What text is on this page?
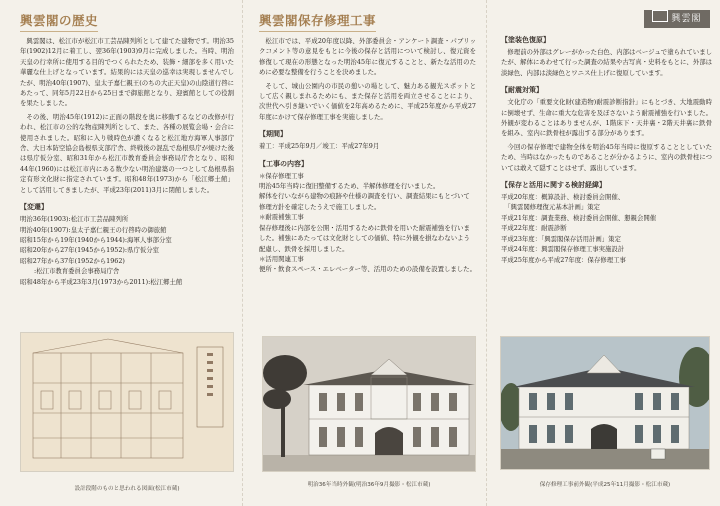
興雲閣の歴史

興雲閣は、松江市が松江市工芸品陳列所として建てた建物です。明治35年(1902)12月に着工し、翌36年(1903)9月に完成しました。当時、明治天皇の行幸所に使用する目的でつくられたため、装飾・細部を多く用いた華麗な仕上げとなっています。結果的には天皇の巡幸は実現しませんでしたが、明治40年(1907)、皇太子嘉仁親王(のちの大正天皇)の山陰道行啓にあたって、同年5月22日から25日まで御旅館となり、迎賓館としての役割を果たしました。

その後、明治45年(1912)に正面の階段を奥に移動するなどの改修が行われ、松江市の公的な物産陳列所として、また、各種の展覧会場・会合に使用されました。昭和に入り戦時色が濃くなると松江地方海軍人事部庁舎、大日本防空協会島根県支部庁舎、終戦後の混乱で島根県庁が焼けた後は県庁仮分室、昭和31年から松江市教育委員会事務局庁舎となり、昭和44年(1960)には松江市内にある数少ない明治建築の一つとして島根県指定有形文化財に指定されています。昭和48年(1973)から「松江郷土館」として活用してきましたが、平成23年(2011)3月に閉館しました。

【変遷】

明治36年(1903):松江市工芸品陳列所

明治40年(1907):皇太子嘉仁親王の行啓時の御旅館

昭和15年から19年(1940から1944):海軍人事部分室

昭和20年から27年(1945から1952):県庁仮分室

昭和27年から37年(1952から1962)

　:松江市教育委員会事務局庁舎

昭和48年から平成23年3月(1973から2011):松江郷土館

興雲閣保存修理工事

松江市では、平成20年度以降、外部委員会・アンケート調査・パブリックコメント等の意見をもとに今後の保存と活用について検討し、復元資を修復して現在の形態となった明治45年に復元することと、新たな活用のために必要な整備を行うことを決めました。

そして、城山公園内の市民の憩いの場として、魅力ある観光スポットとして広く親しまれるためにも、また保存と活用を両立させることにより、次世代へ引き継いでいく価値を2年高めるために、平成25年度から平成27年度にかけて保存修理工事を実施しました。

【期間】

着工：平成25年9月／竣工：平成27年9月

【工事の内容】

＊保存修理工事

明治45年当時に復旧整備するため、半解体修理を行いました。

解体を行いながら建物の痕跡や仕様の調査を行い、調査結果にもとづいて修理方針を確定したうえで施工しました。

＊耐震補強工事

保存修理後に内部を公開・活用するために鉄骨を用いた耐震補強を行いました。補強にあたっては文化財としての価値、特に外観を損なわないよう配慮し、鉄骨を採用しました。

＊活用関連工事

便所・飲食スペース・エレベーター等、活用のための設備を設置しました。

【塗装色復原】

修理前の外部はグレーがかった白色、内部はベージュで塗られていましたが、解体にあわせて行った調査の結果や古写真・史料をもとに、外部は淡緑色、内部は淡緑色とワニス仕上げに復原しています。

【耐震対策】

文化庁の「重要文化財(建造物)耐震診断指針」にもとづき、大地震動時に倒壊せず、生命に重大な危害を及ぼさないよう耐震補強を行いました。外観が変わることはありませんが、1階床下・天井裏・2階天井裏に鉄骨を組み、室内に鉄骨柱が露出する部分があります。

今回の保存修理で建物全体を明治45年当時に復原することとしていたため、当時はなかったものであることが分かるように、室内の鉄骨柱については敢えて隠すことはせず、露出しています。

【保存と活用に関する検討経緯】

平成20年度：概算設計、検討委員会開催、

　「興雲閣修理復元基本計画」策定

平成21年度：調査業務、検討委員会開催、懇親会開催

平成22年度：耐震診断

平成23年度：「興雲閣保存活用計画」策定

平成24年度：興雲閣保存修理工事実施設計

平成25年度から平成27年度：保存修理工事

興雲閣
設計段階のものと思われる図面(松江市蔵)
明治36年当時外観(明治36年9月撮影・松江市蔵)	保存修理工事前外観(平成25年11月撮影・松江市蔵)
